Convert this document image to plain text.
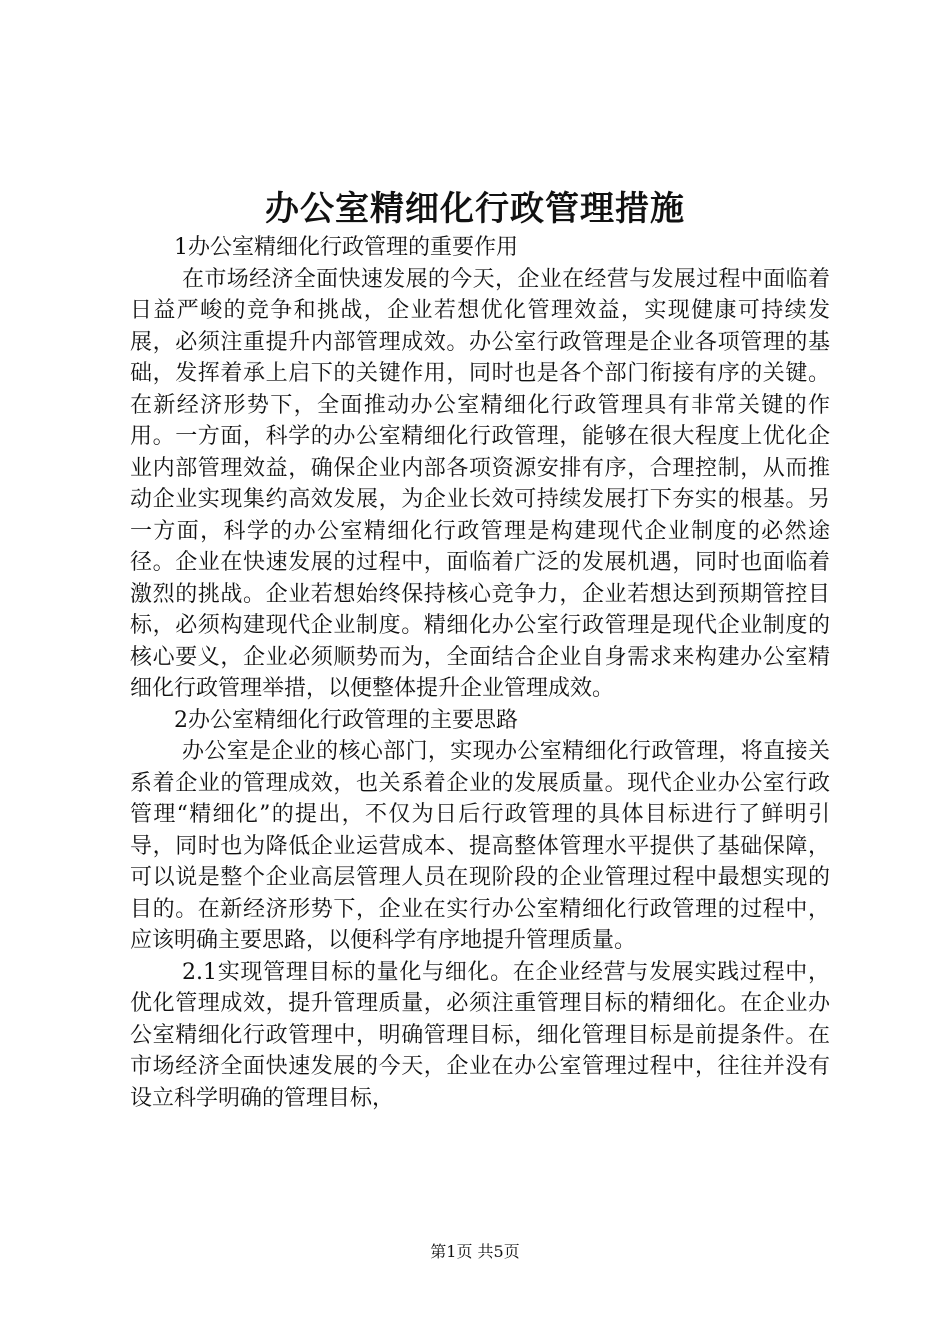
办公室精细化行政管理措施

1办公室精细化行政管理的重要作用

在市场经济全面快速发展的今天，企业在经营与发展过程中面临着日益严峻的竞争和挑战，企业若想优化管理效益，实现健康可持续发展，必须注重提升内部管理成效。办公室行政管理是企业各项管理的基础，发挥着承上启下的关键作用，同时也是各个部门衔接有序的关键。在新经济形势下，全面推动办公室精细化行政管理具有非常关键的作用。一方面，科学的办公室精细化行政管理，能够在很大程度上优化企业内部管理效益，确保企业内部各项资源安排有序，合理控制，从而推动企业实现集约高效发展，为企业长效可持续发展打下夯实的根基。另一方面，科学的办公室精细化行政管理是构建现代企业制度的必然途径。企业在快速发展的过程中，面临着广泛的发展机遇，同时也面临着激烈的挑战。企业若想始终保持核心竞争力，企业若想达到预期管控目标，必须构建现代企业制度。精细化办公室行政管理是现代企业制度的核心要义，企业必须顺势而为，全面结合企业自身需求来构建办公室精细化行政管理举措，以便整体提升企业管理成效。

2办公室精细化行政管理的主要思路

办公室是企业的核心部门，实现办公室精细化行政管理，将直接关系着企业的管理成效，也关系着企业的发展质量。现代企业办公室行政管理“精细化”的提出，不仅为日后行政管理的具体目标进行了鲜明引导，同时也为降低企业运营成本、提高整体管理水平提供了基础保障，可以说是整个企业高层管理人员在现阶段的企业管理过程中最想实现的目的。在新经济形势下，企业在实行办公室精细化行政管理的过程中，应该明确主要思路，以便科学有序地提升管理质量。

2.1实现管理目标的量化与细化。在企业经营与发展实践过程中，优化管理成效，提升管理质量，必须注重管理目标的精细化。在企业办公室精细化行政管理中，明确管理目标，细化管理目标是前提条件。在市场经济全面快速发展的今天，企业在办公室管理过程中，往往并没有设立科学明确的管理目标，

第1页 共5页
